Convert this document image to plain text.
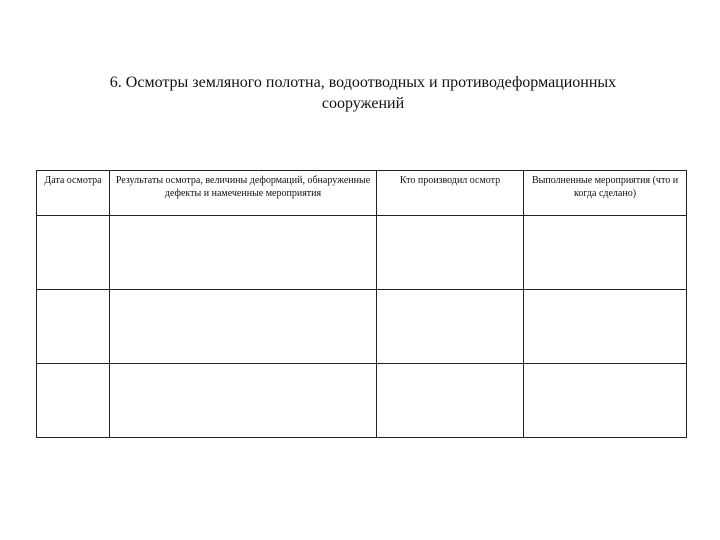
6. Осмотры земляного полотна, водоотводных и противодеформационных
сооружений
Дата осмотра	Результаты осмотра, величины деформаций, обнаруженные дефекты и намеченные мероприятия	Кто производил осмотр	Выполненные мероприятия (что и когда сделано)
